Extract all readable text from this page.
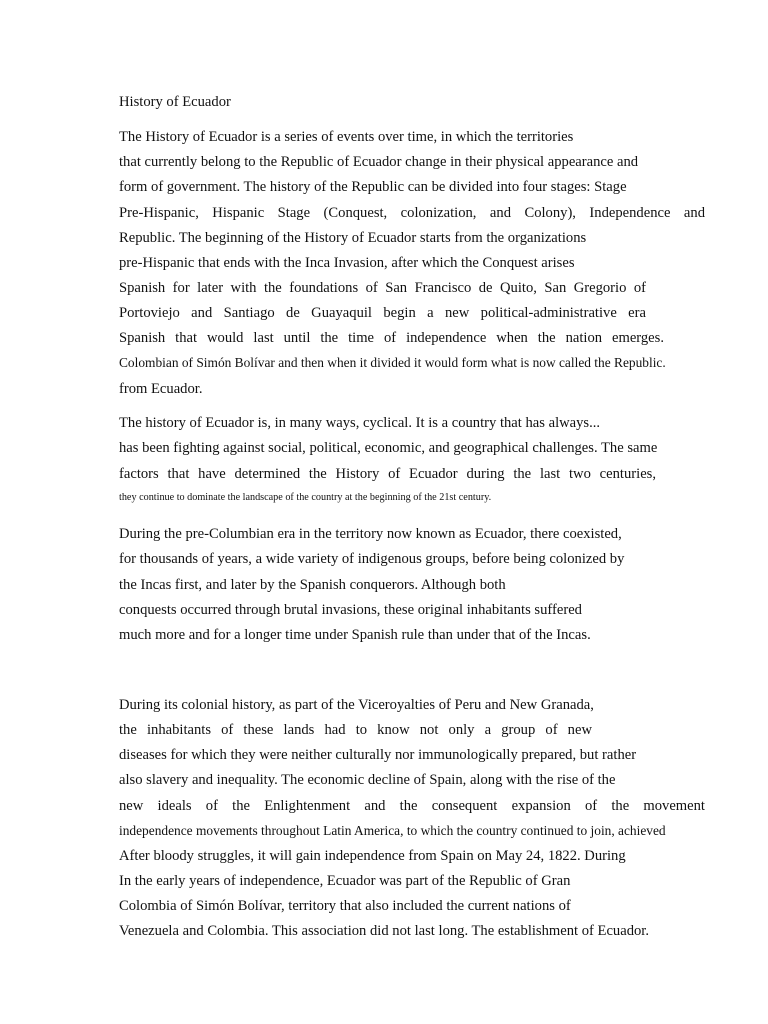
History of Ecuador
The History of Ecuador is a series of events over time, in which the territories
that currently belong to the Republic of Ecuador change in their physical appearance and
form of government. The history of the Republic can be divided into four stages: Stage
Pre-Hispanic, Hispanic Stage (Conquest, colonization, and Colony), Independence and
Republic. The beginning of the History of Ecuador starts from the organizations
pre-Hispanic that ends with the Inca Invasion, after which the Conquest arises
Spanish for later with the foundations of San Francisco de Quito, San Gregorio of
Portoviejo and Santiago de Guayaquil begin a new political-administrative era
Spanish that would last until the time of independence when the nation emerges.
Colombian of Simón Bolívar and then when it divided it would form what is now called the Republic.
from Ecuador.
The history of Ecuador is, in many ways, cyclical. It is a country that has always...
has been fighting against social, political, economic, and geographical challenges. The same
factors that have determined the History of Ecuador during the last two centuries,
they continue to dominate the landscape of the country at the beginning of the 21st century.
During the pre-Columbian era in the territory now known as Ecuador, there coexisted,
for thousands of years, a wide variety of indigenous groups, before being colonized by
the Incas first, and later by the Spanish conquerors. Although both
conquests occurred through brutal invasions, these original inhabitants suffered
much more and for a longer time under Spanish rule than under that of the Incas.
During its colonial history, as part of the Viceroyalties of Peru and New Granada,
the inhabitants of these lands had to know not only a group of new
diseases for which they were neither culturally nor immunologically prepared, but rather
also slavery and inequality. The economic decline of Spain, along with the rise of the
new ideals of the Enlightenment and the consequent expansion of the movement
independence movements throughout Latin America, to which the country continued to join, achieved
After bloody struggles, it will gain independence from Spain on May 24, 1822. During
In the early years of independence, Ecuador was part of the Republic of Gran
Colombia of Simón Bolívar, territory that also included the current nations of
Venezuela and Colombia. This association did not last long. The establishment of Ecuador.
